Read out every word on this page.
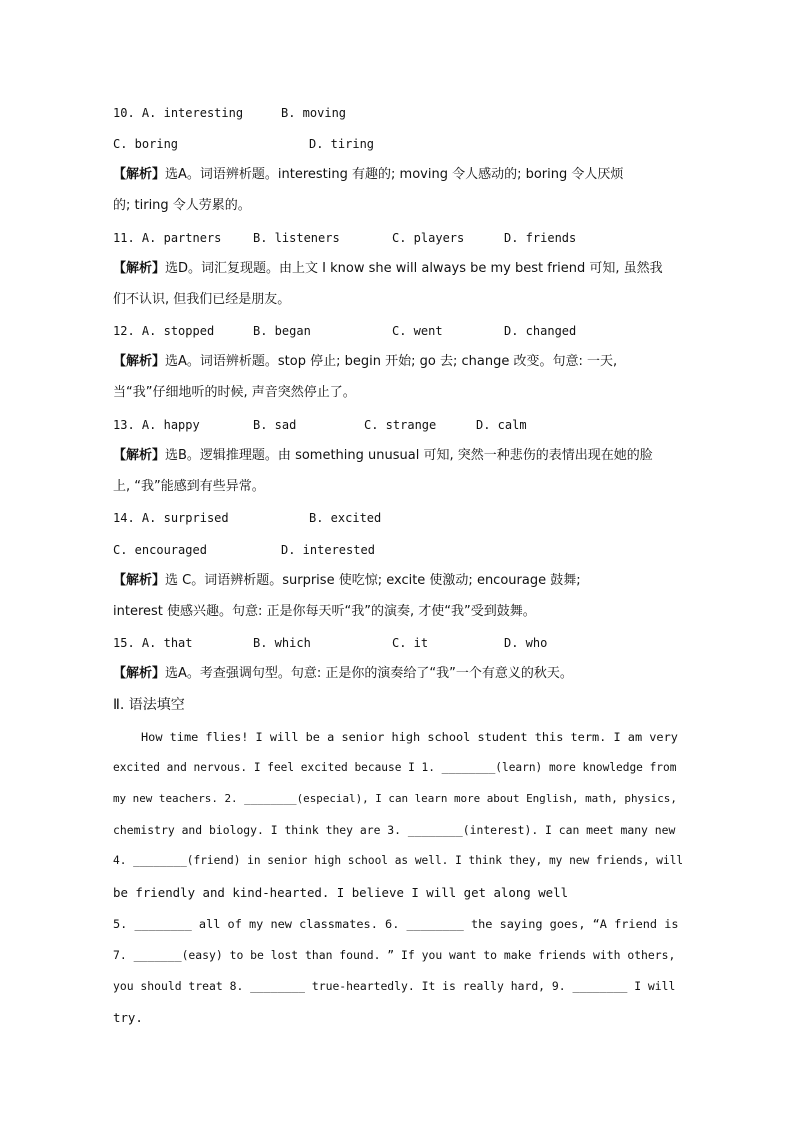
10. A. interesting	B. moving
C. boring	D. tiring
【解析】选A。词语辨析题。interesting 有趣的; moving 令人感动的; boring 令人厌烦
的; tiring 令人劳累的。
11. A. partners	B. listeners	C. players	D. friends
【解析】选D。词汇复现题。由上文 I know she will always be my best friend 可知, 虽然我
们不认识, 但我们已经是朋友。
12. A. stopped	B. began	C. went	D. changed
【解析】选A。词语辨析题。stop 停止; begin 开始; go 去; change 改变。句意: 一天,
当“我”仔细地听的时候, 声音突然停止了。
13. A. happy	B. sad	C. strange	D. calm
【解析】选B。逻辑推理题。由 something unusual 可知, 突然一种悲伤的表情出现在她的脸
上, “我”能感到有些异常。
14. A. surprised	B. excited
C. encouraged	D. interested
【解析】选 C。词语辨析题。surprise 使吃惊; excite 使激动; encourage 鼓舞;
interest 使感兴趣。句意: 正是你每天听“我”的演奏, 才使“我”受到鼓舞。
15. A. that	B. which	C. it	D. who
【解析】选A。考查强调句型。句意: 正是你的演奏给了“我”一个有意义的秋天。
Ⅱ. 语法填空
How time flies! I will be a senior high school student this term. I am very
excited and nervous. I feel excited because I 1. ________(learn) more knowledge from
my new teachers. 2. ________(especial), I can learn more about English, math, physics,
chemistry and biology. I think they are 3. ________(interest). I can meet many new
4. ________(friend) in senior high school as well. I think they, my new friends, will
be friendly and kind-hearted. I believe I will get along well
5. ________ all of my new classmates. 6. ________ the saying goes, “A friend is
7. _______(easy) to be lost than found. ” If you want to make friends with others,
you should treat 8. ________ true-heartedly. It is really hard, 9. ________ I will
try.
